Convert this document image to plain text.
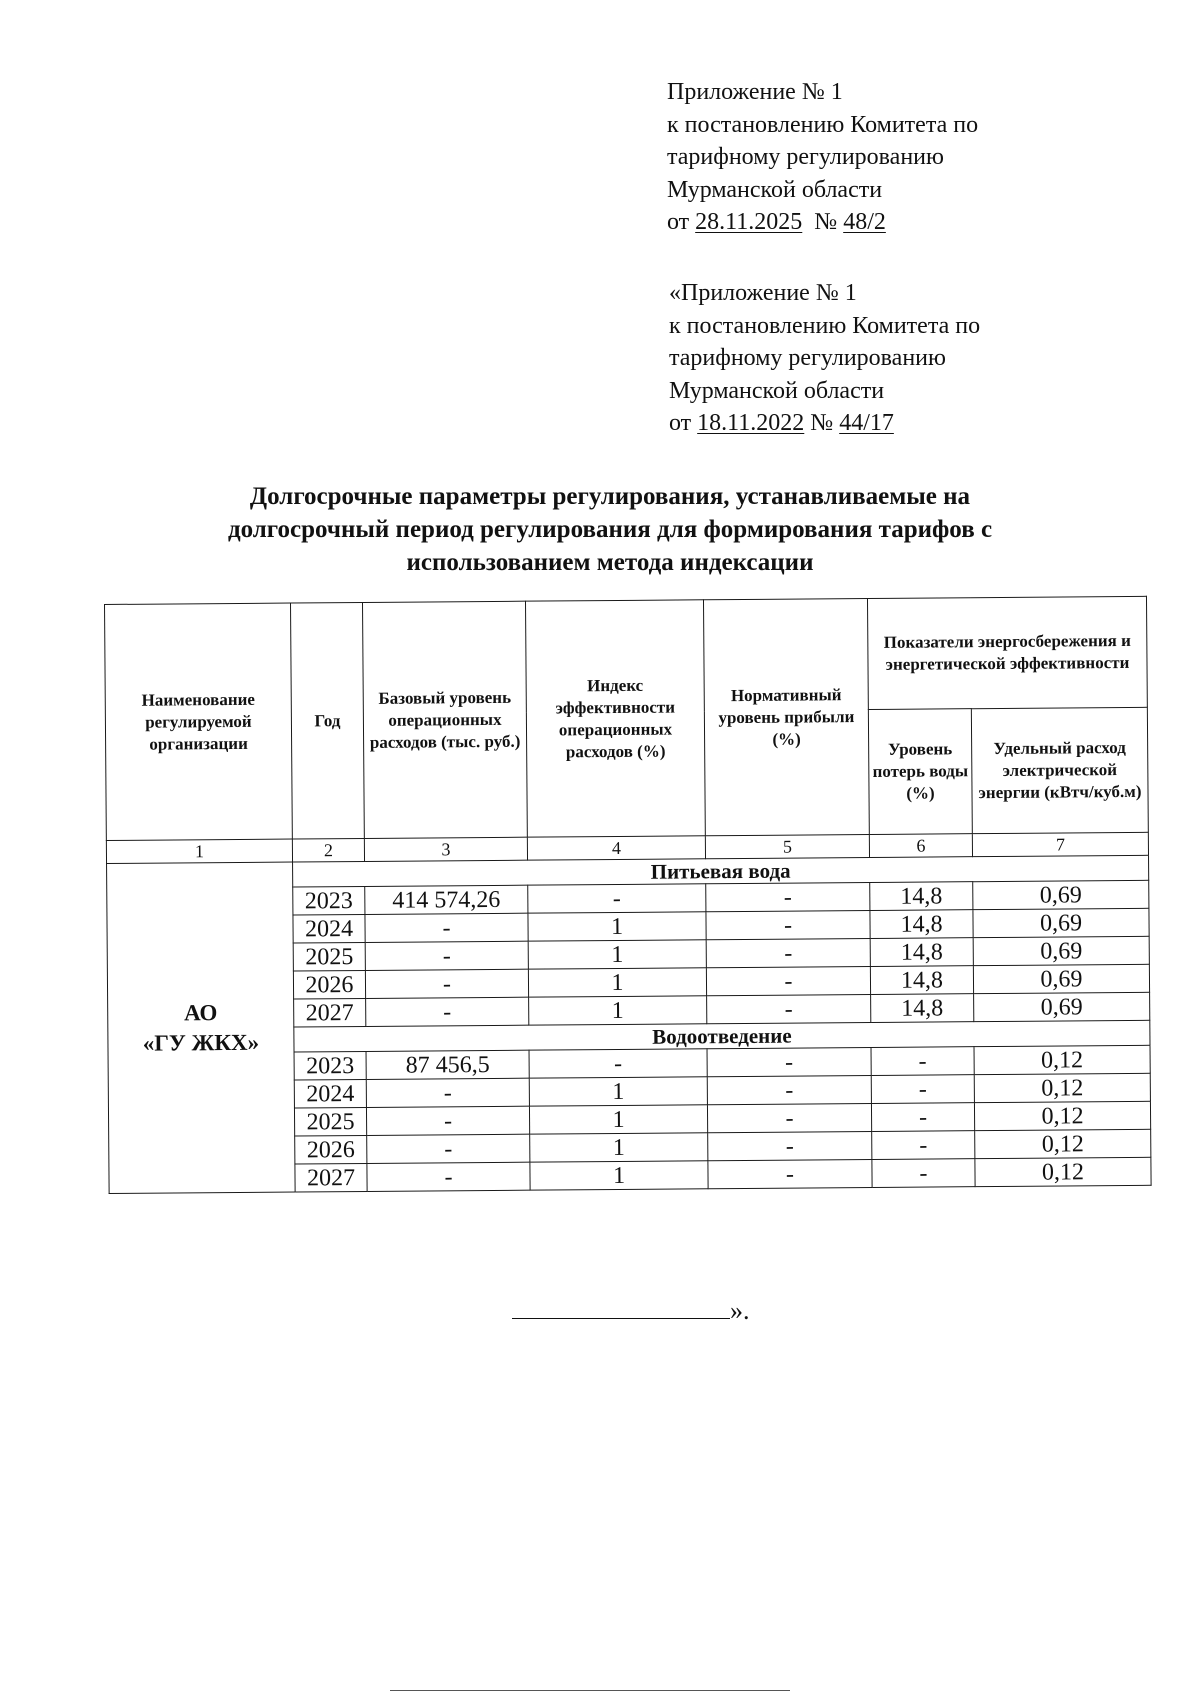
Приложение № 1
к постановлению Комитета по
тарифному регулированию
Мурманской области
от 28.11.2025 № 48/2
«Приложение № 1
к постановлению Комитета по
тарифному регулированию
Мурманской области
от 18.11.2022 № 44/17
Долгосрочные параметры регулирования, устанавливаемые на
долгосрочный период регулирования для формирования тарифов с
использованием метода индексации
Наименование регулируемой организации	Год	Базовый уровень операционных расходов (тыс. руб.)	Индекс эффективности операционных расходов (%)	Нормативный уровень прибыли (%)	Показатели энергосбережения и энергетической эффективности	
					Уровень потерь воды (%)	Удельный расход электрической энергии (кВтч/куб.м)
1	2	3	4	5	6	7

АО
«ГУ ЖКХ»	Питьевая вода					
	2023	414 574,26	-	-	14,8	0,69
	2024	-	1	-	14,8	0,69
	2025	-	1	-	14,8	0,69
	2026	-	1	-	14,8	0,69
	2027	-	1	-	14,8	0,69
	Водоотведение					
	2023	87 456,5	-	-	-	0,12
	2024	-	1	-	-	0,12
	2025	-	1	-	-	0,12
	2026	-	1	-	-	0,12
	2027	-	1	-	-	0,12
».
